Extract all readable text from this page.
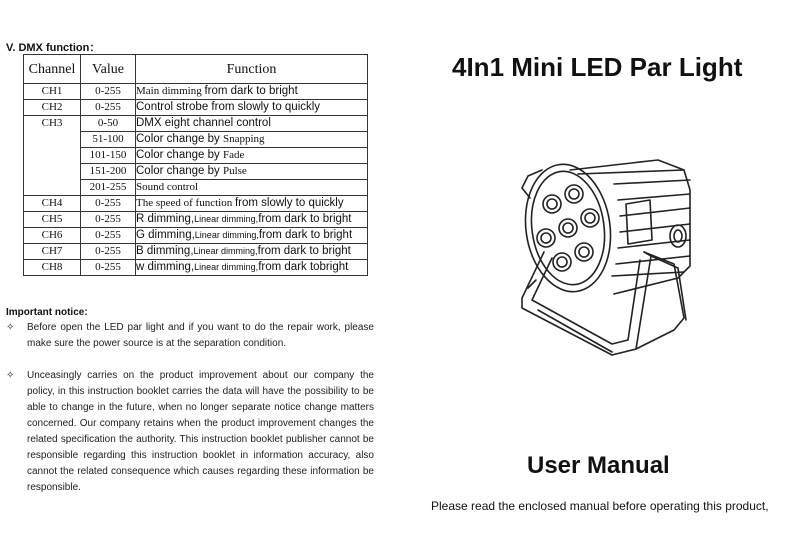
V. DMX function：
Channel	Value	Function
CH1	0-255	Main dimming from dark to bright
CH2	0-255	Control strobe from slowly to quickly
CH3	0-50	DMX eight channel control
	51-100	Color change by Snapping
	101-150	Color change by Fade
	151-200	Color change by Pulse
	201-255	Sound control
CH4	0-255	The speed of function from slowly to quickly
CH5	0-255	R dimming,Linear dimming,from dark to bright
CH6	0-255	G dimming,Linear dimming,from dark to bright
CH7	0-255	B dimming,Linear dimming,from dark to bright
CH8	0-255	w dimming,Linear dimming,from dark tobright
Important notice:
✧ Before open the LED par light and if you want to do the repair work, please make sure the power source is at the separation condition.
✧ Unceasingly carries on the product improvement about our company the policy, in this instruction booklet carries the data will have the possibility to be able to change in the future, when no longer separate notice change matters concerned. Our company retains when the product improvement changes the related specification the authority. This instruction booklet publisher cannot be responsible regarding this instruction booklet in information accuracy, also cannot the related consequence which causes regarding these information be responsible.
4In1 Mini LED Par Light
User Manual
Please read the enclosed manual before operating this product,
